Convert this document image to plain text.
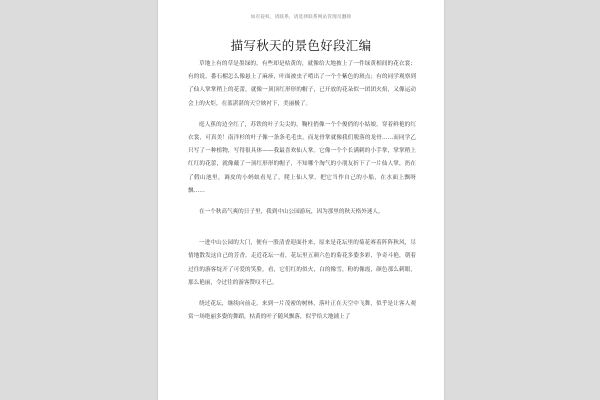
如有侵权，请联系，请选择联系网站管理员删除
描写秋天的景色好段汇编

草地上有的草是墨绿的，有些却是枯黄的，就像给大地披上了一件绿黄相间的花衣裳；有的说，番石榴怎么像悬上了麻疹，叶面被虫子啃出了一个个紫色的斑点；有的同学观察到了仙人掌掌稍上的花蕾，就像一顶顶红形形的帽子，已开放的花朵似一团团火焰，又像运动会上的火炬，在蓝湛湛的天空映衬下，美丽极了。

庭人蕉的边全红了，苏铁的叶子尖尖的，鞠柱俏像一个个俊俏的小姑娘，穿着鲜艳的红衣裳，可真美！南洋杉的叶子像一条条毛毛虫，而龙骨掌就像我们脱落的龙骨……而同学乙只写了一种植物，写得很具体——我最喜欢仙人掌。它像一个个长满刺的小手掌，掌掌稍上红红的花蕾，就像戴了一顶红形形的帽子，不知哪个淘气的小朋友折下了一片仙人掌，扔在了假山池里，调皮的小蚂蚁看见了，爬上仙人掌，把它当作自己的小船，在水面上飘呀飘……

在一个秋高气爽的日子里，我到中山公园游玩，因为那里的秋天格外迷人。

一进中山公园的大门，便有一股清香迎面扑来，原来是花坛里的菊花赛着阵阵秋风，尽情地散发这自己的芳香。走近花坛一看，花坛里五颜六色的菊花多姿多彩，争奇斗艳，朝着过往的游客绽开了可爱的笑脸，看，它们红的似火，白的像雪，粉的像霞，颜色那么刺眼，那么艳丽，令过往的游客赞叹不已。

绕过花坛，继续向前走，来到一片茂密的树林，落叶正在天空中飞舞，似乎是让客人观赏一场绝丽多姿的舞蹈，枯黄的叶子随风飘落，似乎给大地铺上了
